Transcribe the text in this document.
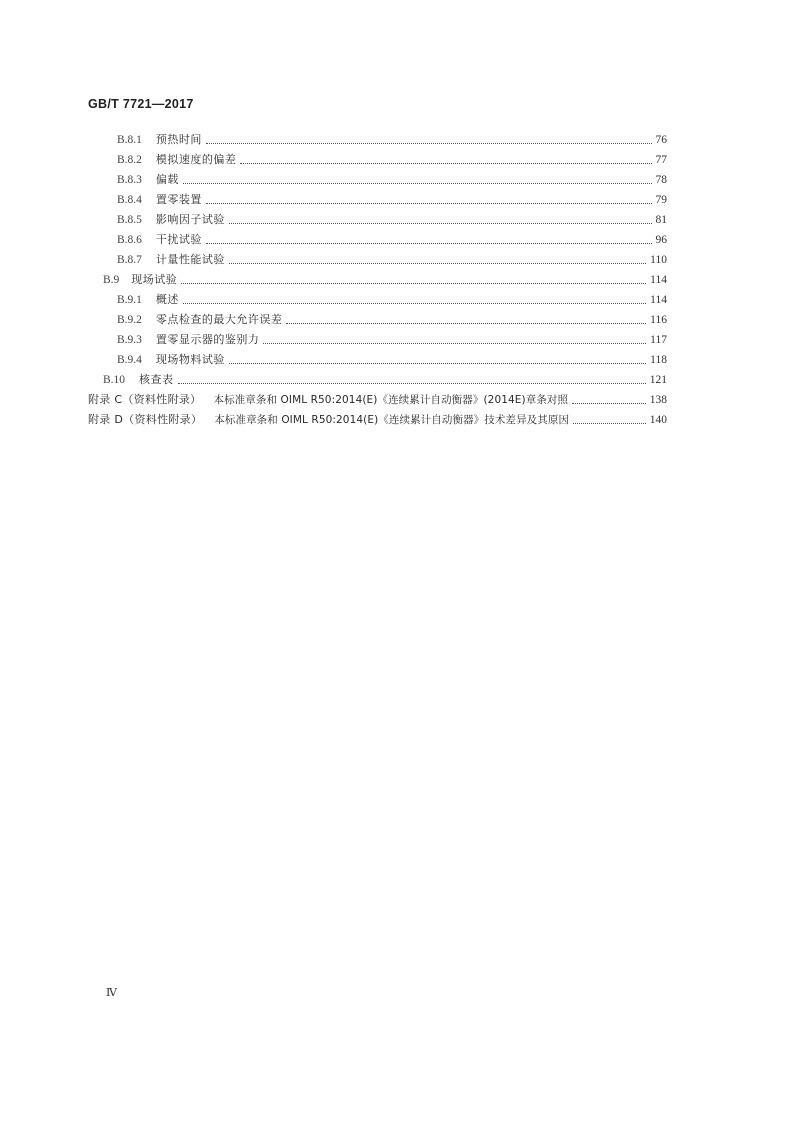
GB/T 7721—2017
B.8.1 预热时间	76
B.8.2 模拟速度的偏差	77
B.8.3 偏载	78
B.8.4 置零装置	79
B.8.5 影响因子试验	81
B.8.6 干扰试验	96
B.8.7 计量性能试验	110
B.9 现场试验	114
B.9.1 概述	114
B.9.2 零点检查的最大允许误差	116
B.9.3 置零显示器的鉴别力	117
B.9.4 现场物料试验	118
B.10 核查表	121
附录 C（资料性附录） 本标准章条和 OIML R50:2014(E)《连续累计自动衡器》(2014E)章条对照	138
附录 D（资料性附录） 本标准章条和 OIML R50:2014(E)《连续累计自动衡器》技术差异及其原因	140
Ⅳ
